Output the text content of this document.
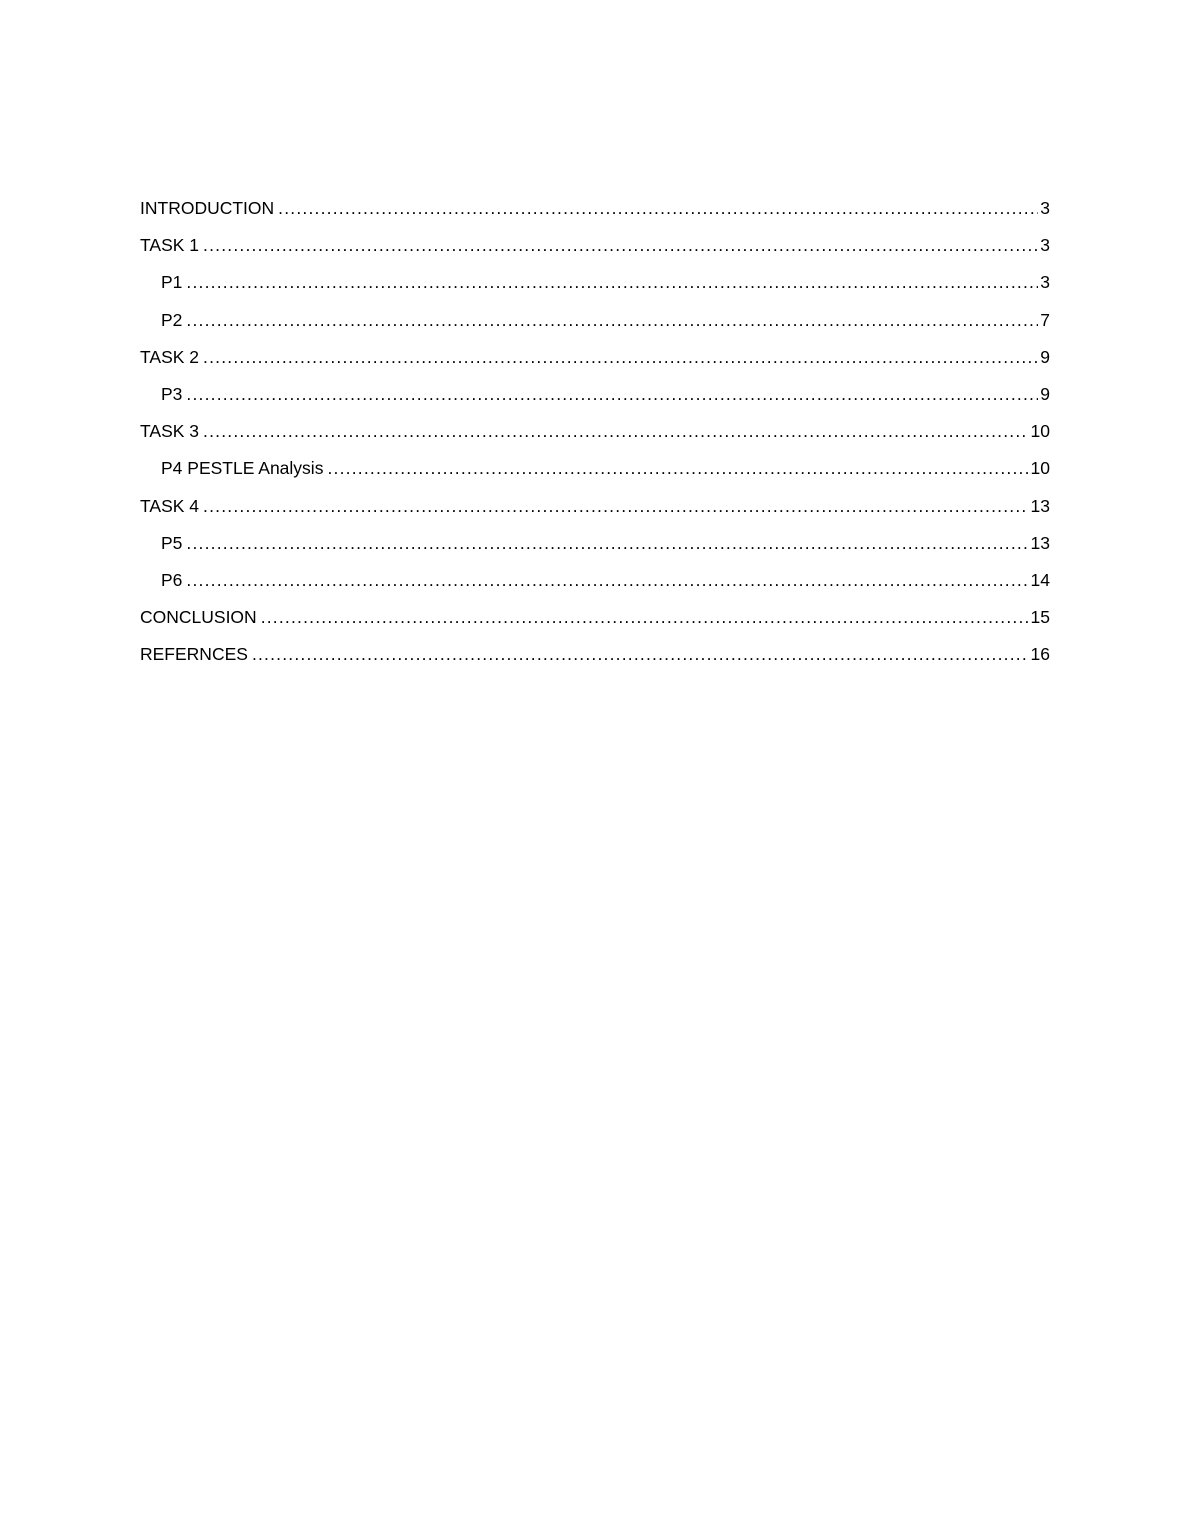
INTRODUCTION .....	3
TASK 1 .....	3
P1 .....	3
P2 .....	7
TASK 2 .....	9
P3 .....	9
TASK 3 .....	10
P4 PESTLE Analysis .....	10
TASK 4 .....	13
P5 .....	13
P6 .....	14
CONCLUSION .....	15
REFERNCES .....	16
